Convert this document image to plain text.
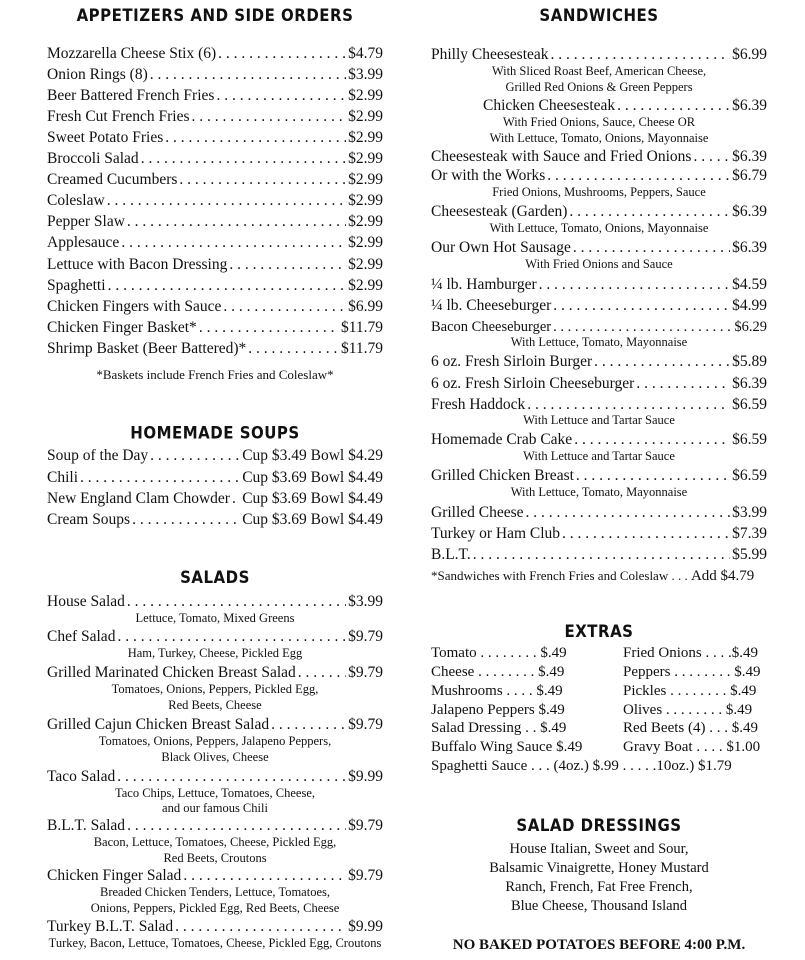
APPETIZERS AND SIDE ORDERS
Mozzarella Cheese Stix (6) . . .	$4.79
Onion Rings (8) . . .	$3.99
Beer Battered French Fries . . .	$2.99
Fresh Cut French Fries . . .	$2.99
Sweet Potato Fries . . .	$2.99
Broccoli Salad . . .	$2.99
Creamed Cucumbers . . .	$2.99
Coleslaw . . .	$2.99
Pepper Slaw . . .	$2.99
Applesauce . . .	$2.99
Lettuce with Bacon Dressing . . .	$2.99
Spaghetti . . .	$2.99
Chicken Fingers with Sauce . . .	$6.99
Chicken Finger Basket* . . .	$11.79
Shrimp Basket (Beer Battered)* . . .	$11.79
*Baskets include French Fries and Coleslaw*
HOMEMADE SOUPS
Soup of the Day . . .	Cup $3.49 Bowl $4.29
Chili . . .	Cup $3.69 Bowl $4.49
New England Clam Chowder . . . Cup $3.69 Bowl $4.49
Cream Soups . . .	Cup $3.69 Bowl $4.49
SALADS
House Salad . . .	$3.99
Lettuce, Tomato, Mixed Greens
Chef Salad . . .	$9.79
Ham, Turkey, Cheese, Pickled Egg
Grilled Marinated Chicken Breast Salad . . .	$9.79
Tomatoes, Onions, Peppers, Pickled Egg,
Red Beets, Cheese
Grilled Cajun Chicken Breast Salad . . .	$9.79
Tomatoes, Onions, Peppers, Jalapeno Peppers,
Black Olives, Cheese
Taco Salad . . .	$9.99
Taco Chips, Lettuce, Tomatoes, Cheese,
and our famous Chili
B.L.T. Salad . . .	$9.79
Bacon, Lettuce, Tomatoes, Cheese, Pickled Egg,
Red Beets, Croutons
Chicken Finger Salad . . .	$9.79
Breaded Chicken Tenders, Lettuce, Tomatoes,
Onions, Peppers, Pickled Egg, Red Beets, Cheese
Turkey B.L.T. Salad . . .	$9.99
Turkey, Bacon, Lettuce, Tomatoes, Cheese, Pickled Egg, Croutons
SANDWICHES
Philly Cheesesteak . . .	$6.99
With Sliced Roast Beef, American Cheese,
Grilled Red Onions & Green Peppers
Chicken Cheesesteak . . .	$6.39
With Fried Onions, Sauce, Cheese OR
With Lettuce, Tomato, Onions, Mayonnaise
Cheesesteak with Sauce and Fried Onions . . .	$6.39
Or with the Works . . .	$6.79
Fried Onions, Mushrooms, Peppers, Sauce
Cheesesteak (Garden) . . .	$6.39
With Lettuce, Tomato, Onions, Mayonnaise
Our Own Hot Sausage . . .	$6.39
With Fried Onions and Sauce
¼ lb. Hamburger . . .	$4.59
¼ lb. Cheeseburger . . .	$4.99
Bacon Cheeseburger . . .	$6.29
With Lettuce, Tomato, Mayonnaise
6 oz. Fresh Sirloin Burger . . .	$5.89
6 oz. Fresh Sirloin Cheeseburger . . .	$6.39
Fresh Haddock . . .	$6.59
With Lettuce and Tartar Sauce
Homemade Crab Cake . . .	$6.59
With Lettuce and Tartar Sauce
Grilled Chicken Breast . . .	$6.59
With Lettuce, Tomato, Mayonnaise
Grilled Cheese . . .	$3.99
Turkey or Ham Club . . .	$7.39
B.L.T. . . .	$5.99
*Sandwiches with French Fries and Coleslaw . . . Add $4.79
EXTRAS
Tomato . . . . . . . . $.49	Fried Onions . . . .$.49
Cheese . . . . . . . . $.49	Peppers . . . . . . . . $.49
Mushrooms . . . . $.49	Pickles . . . . . . . . $.49
Jalapeno Peppers $.49	Olives . . . . . . . . $.49
Salad Dressing . . $.49	Red Beets (4) . . . $.49
Buffalo Wing Sauce $.49	Gravy Boat . . . . $1.00
Spaghetti Sauce . . . (4oz.) $.99 . . . . .10oz.) $1.79
SALAD DRESSINGS
House Italian, Sweet and Sour,
Balsamic Vinaigrette, Honey Mustard
Ranch, French, Fat Free French,
Blue Cheese, Thousand Island
NO BAKED POTATOES BEFORE 4:00 P.M.
